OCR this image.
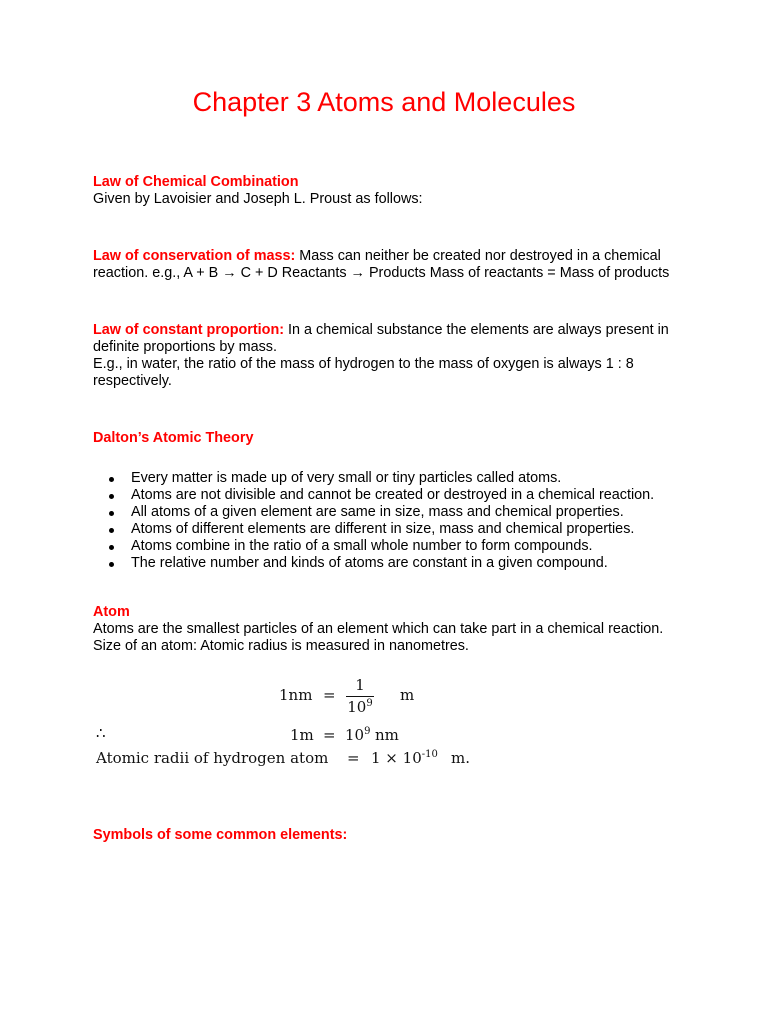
Chapter 3 Atoms and Molecules
Law of Chemical Combination
Given by Lavoisier and Joseph L. Proust as follows:
Law of conservation of mass: Mass can neither be created nor destroyed in a chemical reaction. e.g., A + B → C + D Reactants → Products Mass of reactants = Mass of products
Law of constant proportion: In a chemical substance the elements are always present in definite proportions by mass.
E.g., in water, the ratio of the mass of hydrogen to the mass of oxygen is always 1 : 8 respectively.
Dalton’s Atomic Theory
Every matter is made up of very small or tiny particles called atoms.
Atoms are not divisible and cannot be created or destroyed in a chemical reaction.
All atoms of a given element are same in size, mass and chemical properties.
Atoms of different elements are different in size, mass and chemical properties.
Atoms combine in the ratio of a small whole number to form compounds.
The relative number and kinds of atoms are constant in a given compound.
Atom
Atoms are the smallest particles of an element which can take part in a chemical reaction.
Size of an atom: Atomic radius is measured in nanometres.
1nm =
1
$10^9$ m
∴	$1m = 10^9$ nm
Atomic radii of hydrogen atom = $1 \times 10^{-10}$ m.
Symbols of some common elements:
